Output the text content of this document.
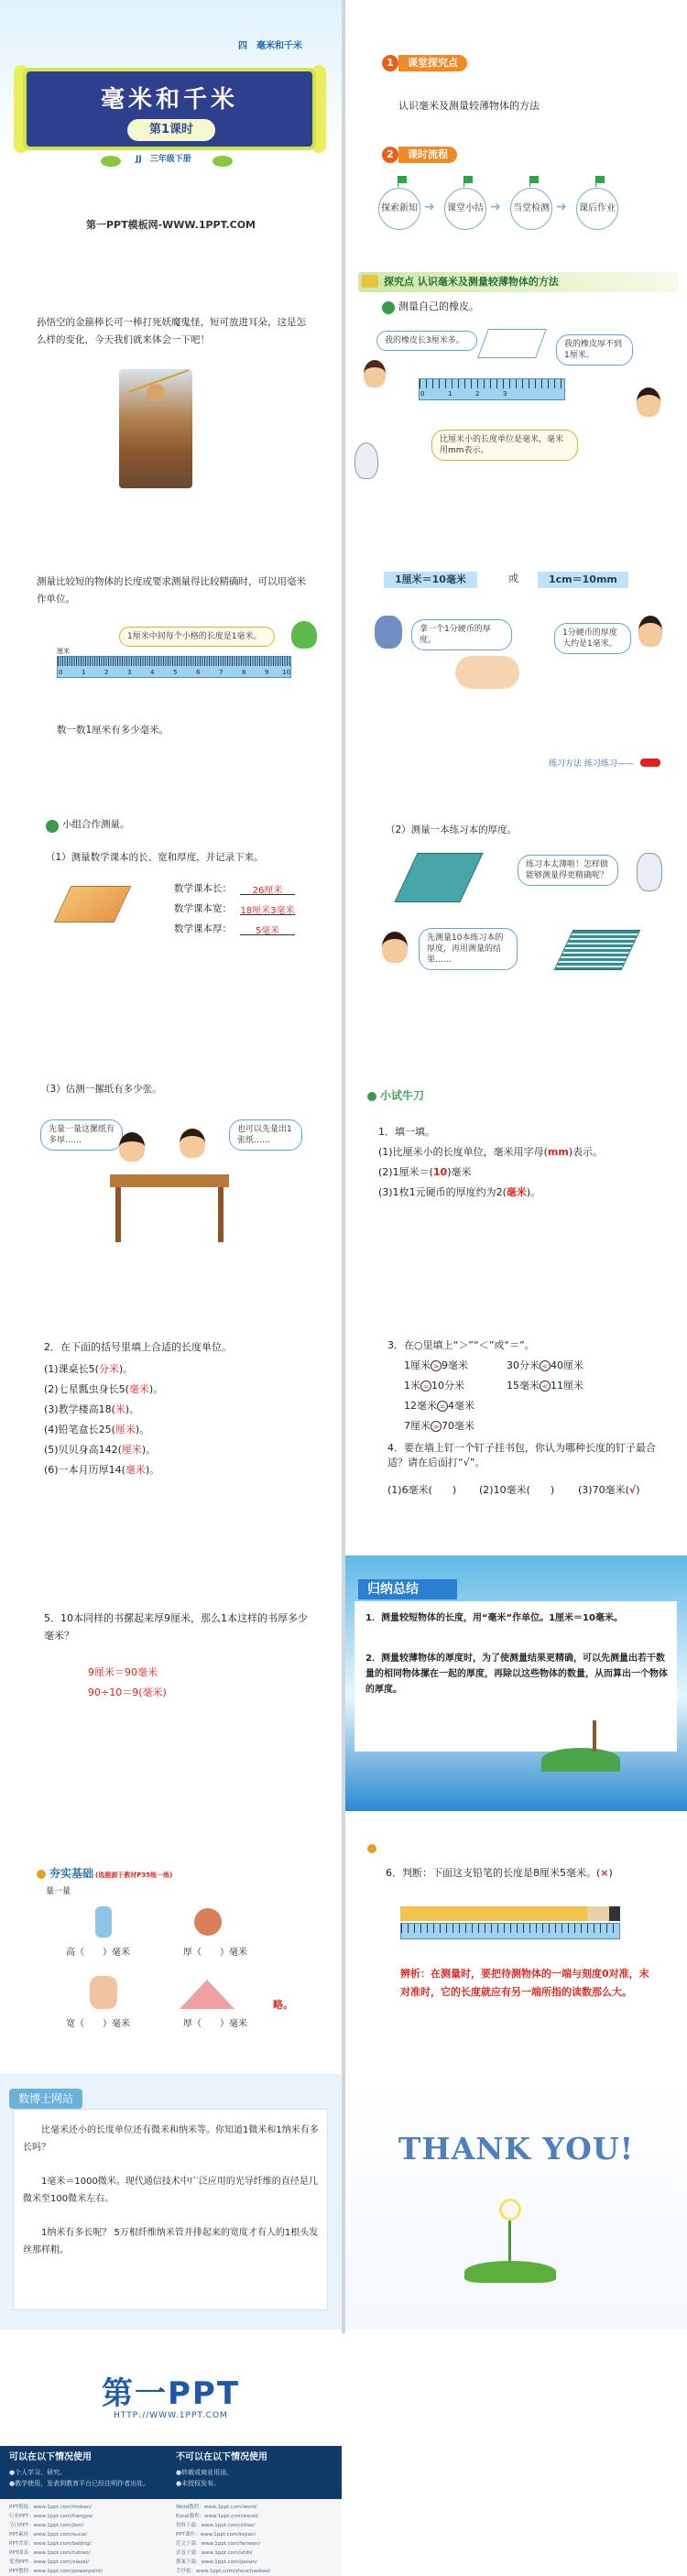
四　毫米和千米
毫米和千米
第1课时
JJ　三年级下册
第一PPT模板网-WWW.1PPT.COM
1	课堂探究点
认识毫米及测量较薄物体的方法
2	课时流程
探索新知 ➔	课堂小结 ➔	当堂检测 ➔	课后作业
孙悟空的金箍棒长可一棒打死妖魔鬼怪，短可放进耳朵，这是怎么样的变化，今天我们就来体会一下吧！
探究点 认识毫米及测量较薄物体的方法
测量自己的橡皮。
我的橡皮长3厘米多。	我的橡皮厚不到1厘米。
0	1	2	3
比厘米小的长度单位是毫米，毫米用mm表示。
测量比较短的物体的长度或要求测量得比较精确时，可以用毫米作单位。
1厘米中间每个小格的长度是1毫米。
厘米
0	1	2	3	4	5	6	7	8	9 10
数一数1厘米有多少毫米。
1厘米＝10毫米	或	1cm＝10mm
拿一个1分硬币的厚度。
1分硬币的厚度大约是1毫米。
练习方法 练习练习——
小组合作测量。
（1）测量数学课本的长、宽和厚度，并记录下来。
数学课本长：	26厘米
数学课本宽： 18厘米3毫米
数学课本厚：	5毫米
（2）测量一本练习本的厚度。
练习本太薄啦！怎样做能够测量得更精确呢？
先测量10本练习本的厚度，再用测量的结果……
（3）估测一摞纸有多少张。
先量一量这摞纸有多厚……
也可以先量出1张纸……
小试牛刀
1．填一填。
(1)比厘米小的长度单位，毫米用字母(mm)表示。
(2)1厘米＝(10)毫米
(3)1枚1元硬币的厚度约为2(毫米)。
2．在下面的括号里填上合适的长度单位。
(1)课桌长5(分米)。
(2)七星瓢虫身长5(毫米)。
(3)教学楼高18(米)。
(4)铅笔盒长25(厘米)。
(5)贝贝身高142(厘米)。
(6)一本月历厚14(毫米)。
3．在○里填上“＞”“＜”或“＝”。
1厘米 > 9毫米	30分米 < 40厘米
1米 = 10分米	15毫米 < 11厘米
12毫米 = 4毫米
7厘米 > 70毫米
4．要在墙上钉一个钉子挂书包，你认为哪种长度的钉子最合适？请在后面打“√”。
(1)6毫米(　　) (2)10毫米(　　) (3)70毫米(√)
5．10本同样的书摞起来厚9厘米，那么1本这样的书厚多少毫米？
9厘米＝90毫米
90÷10＝9(毫米)
归纳总结
1．测量较短物体的长度，用“毫米”作单位。1厘米＝10毫米。
2．测量较薄物体的厚度时，为了使测量结果更精确，可以先测量出若干数量的相同物体摞在一起的厚度，再除以这些物体的数量，从而算出一个物体的厚度。
夯实基础 (选题源于教材P35练一练)
量一量
高（　　）毫米	厚（　　）毫米
略。
宽（　　）毫米	厚（　　）毫米
6．判断：下面这支铅笔的长度是8厘米5毫米。(×)
辨析：在测量时，要把待测物体的一端与刻度0对准，末对准时，它的长度就应有另一端所指的读数那么大。
数博士网站
比毫米还小的长度单位还有微米和纳米等。你知道1微米和1纳米有多长吗？
1毫米＝1000微米。现代通信技术中广泛应用的光导纤维的直径是几微米至100微米左右。
1纳米有多长呢？ 5万根纤维纳米管并排起来的宽度才有人的1根头发丝那样粗。
THANK YOU!
第一PPT
HTTP://WWW.1PPT.COM
可以在以下情况使用
●个人学习、研究。
●教学使用，发表到教育平台已经注明作者出处。
不可以在以下情况使用
●转载或商业用途。
●未授权发布。
PPT模板：www.1ppt.com/moban/
行业PPT：www.1ppt.com/hangye/
节日PPT：www.1ppt.com/jieri/
PPT素材：www.1ppt.com/sucai/
PPT背景：www.1ppt.com/beijing/
PPT图表：www.1ppt.com/tubiao/
优秀PPT：www.1ppt.com/xiazai/
PPT教程：www.1ppt.com/powerpoint/
Word教程：www.1ppt.com/word/
Excel教程：www.1ppt.com/excel/
资料下载：www.1ppt.com/ziliao/
PPT课件：www.1ppt.com/kejian/
范文下载：www.1ppt.com/fanwen/
试卷下载：www.1ppt.com/shiti/
教案下载：www.1ppt.com/jiaoan/
手抄报：www.1ppt.com/shouchaobao/
